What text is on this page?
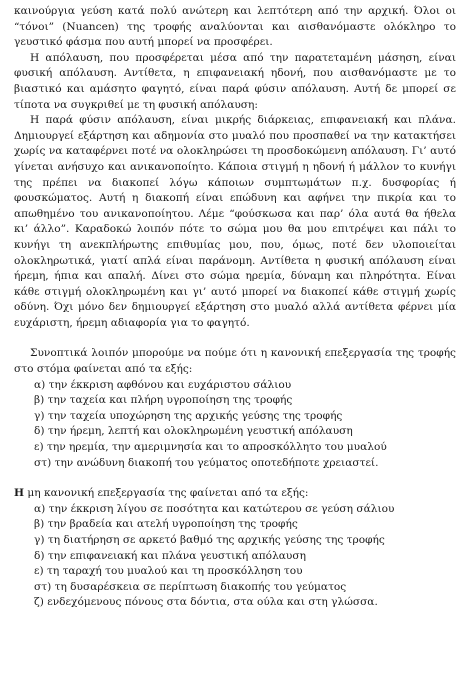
καινούργια γεύση κατά πολύ ανώτερη και λεπτότερη από την αρχική. Όλοι οι “τόνοι” (Nuancen) της τροφής αναλύονται και αισθανόμαστε ολόκληρο το γευστικό φάσμα που αυτή μπορεί να προσφέρει.

Η απόλαυση, που προσφέρεται μέσα από την παρατεταμένη μάσηση, είναι φυσική απόλαυση. Αντίθετα, η επιφανειακή ηδονή, που αισθανόμαστε με το βιαστικό και αμάσητο φαγητό, είναι παρά φύσιν απόλαυση. Αυτή δε μπορεί σε τίποτα να συγκριθεί με τη φυσική απόλαυση:

Η παρά φύσιν απόλαυση, είναι μικρής διάρκειας, επιφανειακή και πλάνα. Δημιουργεί εξάρτηση και αδημονία στο μυαλό που προσπαθεί να την κατακτήσει χωρίς να καταφέρνει ποτέ να ολοκληρώσει τη προσδοκώμενη απόλαυση. Γι’ αυτό γίνεται ανήσυχο και ανικανοποίητο. Κάποια στιγμή η ηδονή ή μάλλον το κυνήγι της πρέπει να διακοπεί λόγω κάποιων συμπτωμάτων π.χ. δυσφορίας ή φουσκώματος. Αυτή η διακοπή είναι επώδυνη και αφήνει την πικρία και το απωθημένο του ανικανοποίητου. Λέμε “φούσκωσα και παρ’ όλα αυτά θα ήθελα κι’ άλλο”. Καραδοκώ λοιπόν πότε το σώμα μου θα μου επιτρέψει και πάλι το κυνήγι τη ανεκπλήρωτης επιθυμίας μου, που, όμως, ποτέ δεν υλοποιείται ολοκληρωτικά, γιατί απλά είναι παράνομη. Αντίθετα η φυσική απόλαυση είναι ήρεμη, ήπια και απαλή. Δίνει στο σώμα ηρεμία, δύναμη και πληρότητα. Είναι κάθε στιγμή ολοκληρωμένη και γι’ αυτό μπορεί να διακοπεί κάθε στιγμή χωρίς οδύνη. Όχι μόνο δεν δημιουργεί εξάρτηση στο μυαλό αλλά αντίθετα φέρνει μία ευχάριστη, ήρεμη αδιαφορία για το φαγητό.

Συνοπτικά λοιπόν μπορούμε να πούμε ότι η κανονική επεξεργασία της τροφής στο στόμα φαίνεται από τα εξής:

α) την έκκριση αφθόνου και ευχάριστου σάλιου
β) την ταχεία και πλήρη υγροποίηση της τροφής
γ) την ταχεία υποχώρηση της αρχικής γεύσης της τροφής
δ) την ήρεμη, λεπτή και ολοκληρωμένη γευστική απόλαυση
ε) την ηρεμία, την αμεριμνησία και το απροσκόλλητο του μυαλού
στ) την ανώδυνη διακοπή του γεύματος οποτεδήποτε χρειαστεί.

Η μη κανονική επεξεργασία της φαίνεται από τα εξής:

α) την έκκριση λίγου σε ποσότητα και κατώτερου σε γεύση σάλιου
β) την βραδεία και ατελή υγροποίηση της τροφής
γ) τη διατήρηση σε αρκετό βαθμό της αρχικής γεύσης της τροφής
δ) την επιφανειακή και πλάνα γευστική απόλαυση
ε) τη ταραχή του μυαλού και τη προσκόλληση του
στ) τη δυσαρέσκεια σε περίπτωση διακοπής του γεύματος
ζ) ενδεχόμενους πόνους στα δόντια, στα ούλα και στη γλώσσα.
